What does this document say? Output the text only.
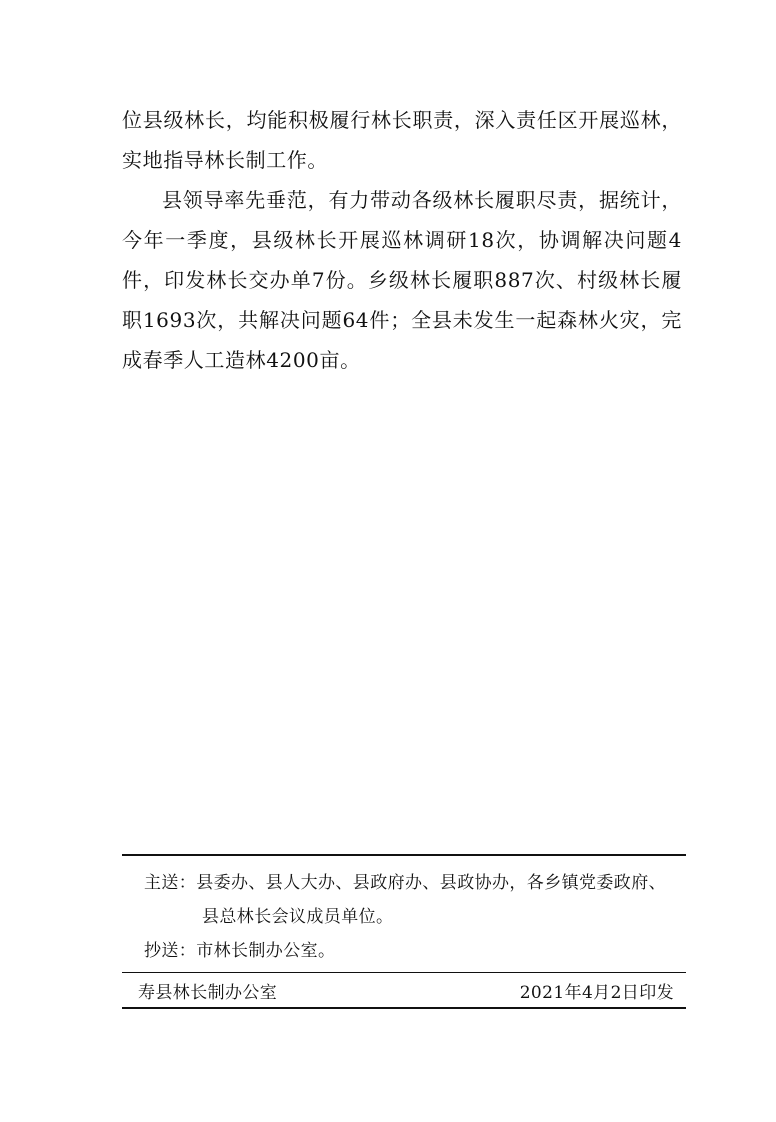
位县级林长，均能积极履行林长职责，深入责任区开展巡林，实地指导林长制工作。

县领导率先垂范，有力带动各级林长履职尽责，据统计，今年一季度，县级林长开展巡林调研18次，协调解决问题4件，印发林长交办单7份。乡级林长履职887次、村级林长履职1693次，共解决问题64件；全县未发生一起森林火灾，完成春季人工造林4200亩。

主送：县委办、县人大办、县政府办、县政协办，各乡镇党委政府、
县总林长会议成员单位。
抄送：市林长制办公室。
寿县林长制办公室	2021年4月2日印发
